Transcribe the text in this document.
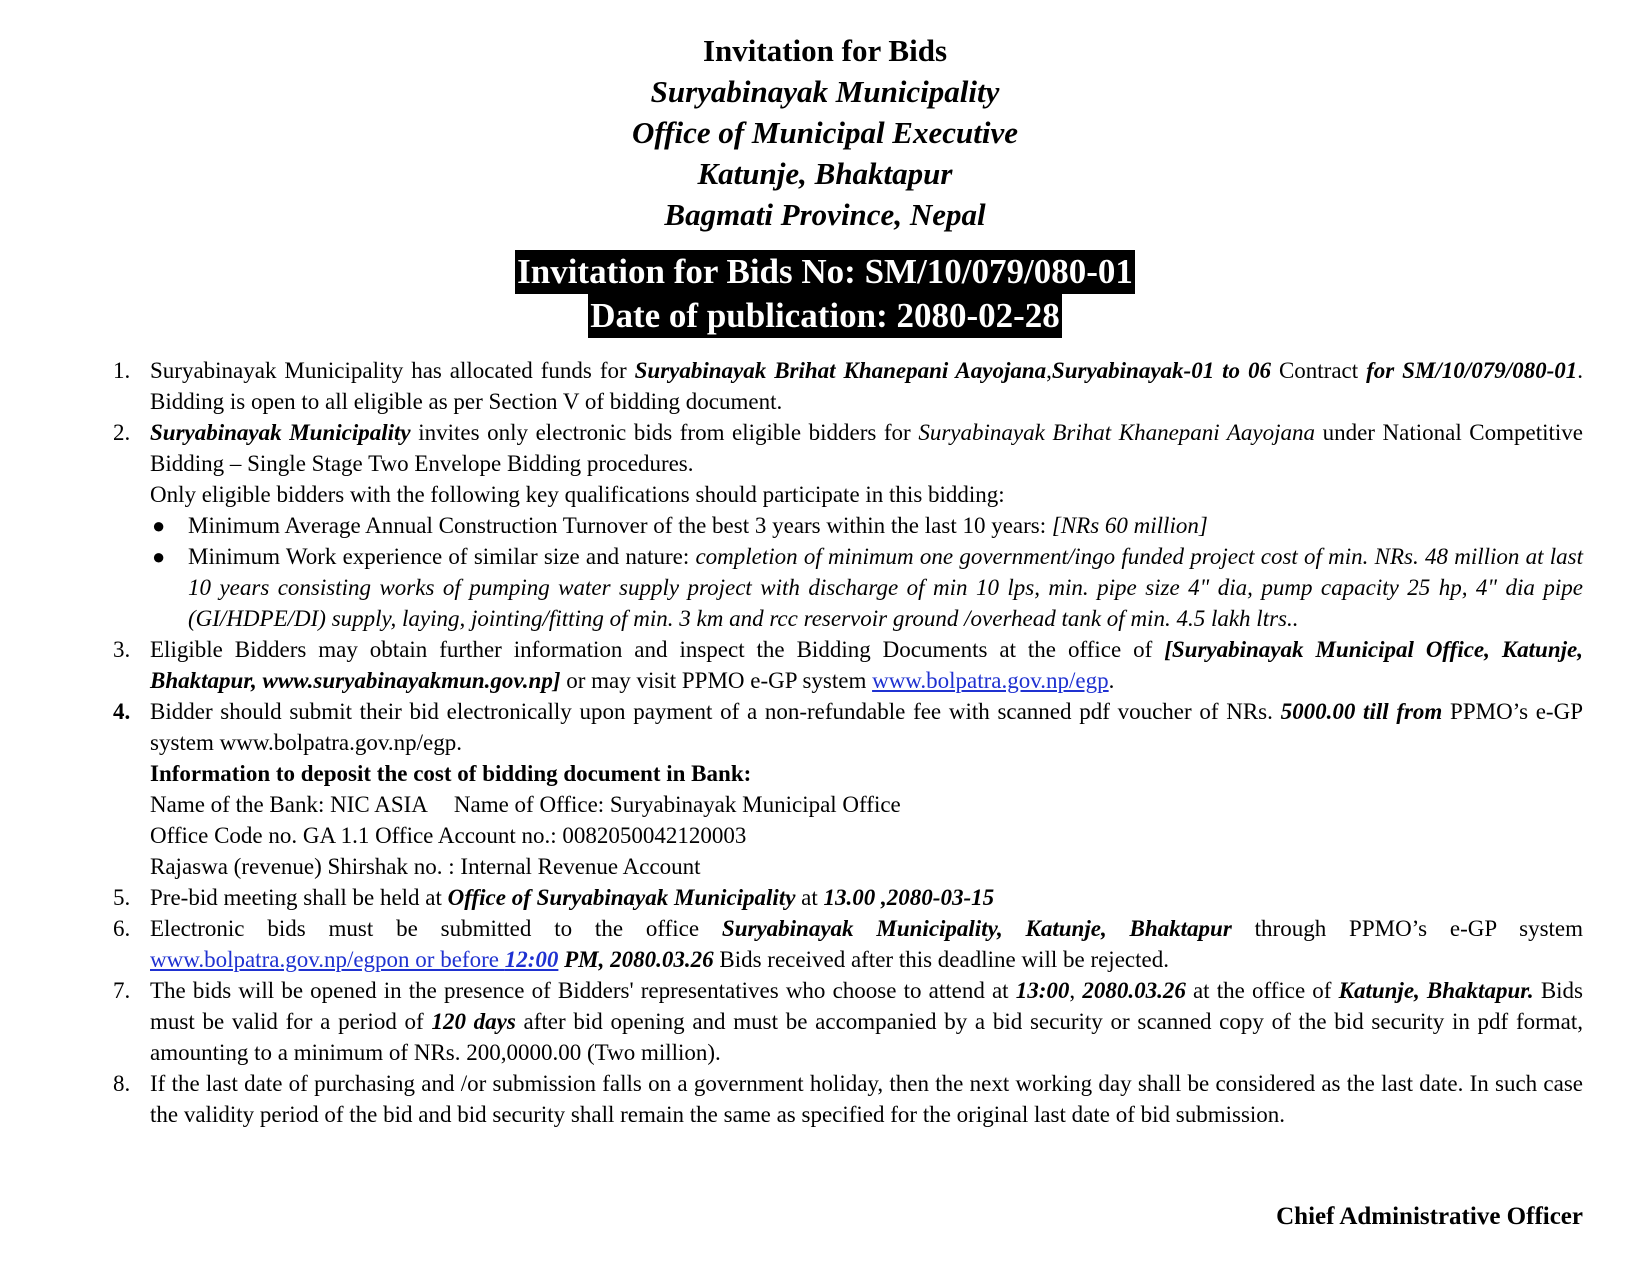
Invitation for Bids
Suryabinayak Municipality
Office of Municipal Executive
Katunje, Bhaktapur
Bagmati Province, Nepal
Invitation for Bids No: SM/10/079/080-01
Date of publication: 2080-02-28
1. Suryabinayak Municipality has allocated funds for Suryabinayak Brihat Khanepani Aayojana,Suryabinayak-01 to 06 Contract for SM/10/079/080-01. Bidding is open to all eligible as per Section V of bidding document.
2. Suryabinayak Municipality invites only electronic bids from eligible bidders for Suryabinayak Brihat Khanepani Aayojana under National Competitive Bidding – Single Stage Two Envelope Bidding procedures.
Only eligible bidders with the following key qualifications should participate in this bidding:
● Minimum Average Annual Construction Turnover of the best 3 years within the last 10 years: [NRs 60 million]
● Minimum Work experience of similar size and nature: completion of minimum one government/ingo funded project cost of min. NRs. 48 million at last 10 years consisting works of pumping water supply project with discharge of min 10 lps, min. pipe size 4" dia, pump capacity 25 hp, 4" dia pipe (GI/HDPE/DI) supply, laying, jointing/fitting of min. 3 km and rcc reservoir ground /overhead tank of min. 4.5 lakh ltrs..
3. Eligible Bidders may obtain further information and inspect the Bidding Documents at the office of [Suryabinayak Municipal Office, Katunje, Bhaktapur, www.suryabinayakmun.gov.np] or may visit PPMO e-GP system www.bolpatra.gov.np/egp.
4. Bidder should submit their bid electronically upon payment of a non-refundable fee with scanned pdf voucher of NRs. 5000.00 till from PPMO’s e-GP system www.bolpatra.gov.np/egp.
Information to deposit the cost of bidding document in Bank:
Name of the Bank: NIC ASIA Name of Office: Suryabinayak Municipal Office
Office Code no. GA 1.1 Office Account no.: 0082050042120003
Rajaswa (revenue) Shirshak no. : Internal Revenue Account
5. Pre-bid meeting shall be held at Office of Suryabinayak Municipality at 13.00 ,2080-03-15
6. Electronic bids must be submitted to the office Suryabinayak Municipality, Katunje, Bhaktapur through PPMO’s e-GP system www.bolpatra.gov.np/egpon or before 12:00 PM, 2080.03.26 Bids received after this deadline will be rejected.
7. The bids will be opened in the presence of Bidders' representatives who choose to attend at 13:00, 2080.03.26 at the office of Katunje, Bhaktapur. Bids must be valid for a period of 120 days after bid opening and must be accompanied by a bid security or scanned copy of the bid security in pdf format, amounting to a minimum of NRs. 200,0000.00 (Two million).
8. If the last date of purchasing and /or submission falls on a government holiday, then the next working day shall be considered as the last date. In such case the validity period of the bid and bid security shall remain the same as specified for the original last date of bid submission.
Chief Administrative Officer
